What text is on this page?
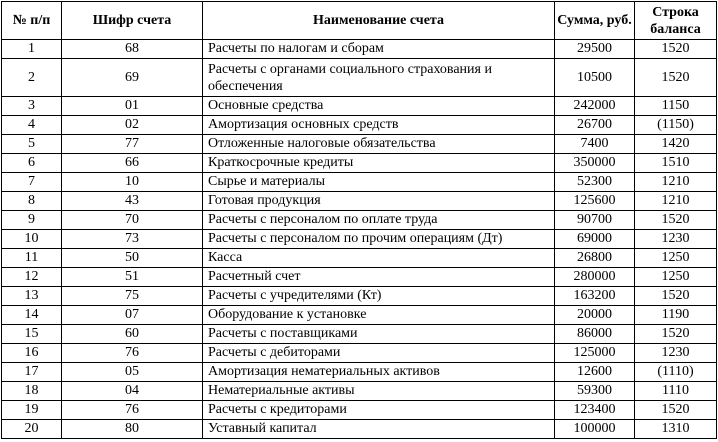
№ п/п	Шифр счета	Наименование счета	Сумма, руб.	Строка баланса
1	68	Расчеты по налогам и сборам	29500	1520
2	69	Расчеты с органами социального страхования и обеспечения	10500	1520
3	01	Основные средства	242000	1150
4	02	Амортизация основных средств	26700	(1150)
5	77	Отложенные налоговые обязательства	7400	1420
6	66	Краткосрочные кредиты	350000	1510
7	10	Сырье и материалы	52300	1210
8	43	Готовая продукция	125600	1210
9	70	Расчеты с персоналом по оплате труда	90700	1520
10	73	Расчеты с персоналом по прочим операциям (Дт)	69000	1230
11	50	Касса	26800	1250
12	51	Расчетный счет	280000	1250
13	75	Расчеты с учредителями (Кт)	163200	1520
14	07	Оборудование к установке	20000	1190
15	60	Расчеты с поставщиками	86000	1520
16	76	Расчеты с дебиторами	125000	1230
17	05	Амортизация нематериальных активов	12600	(1110)
18	04	Нематериальные активы	59300	1110
19	76	Расчеты с кредиторами	123400	1520
20	80	Уставный капитал	100000	1310
